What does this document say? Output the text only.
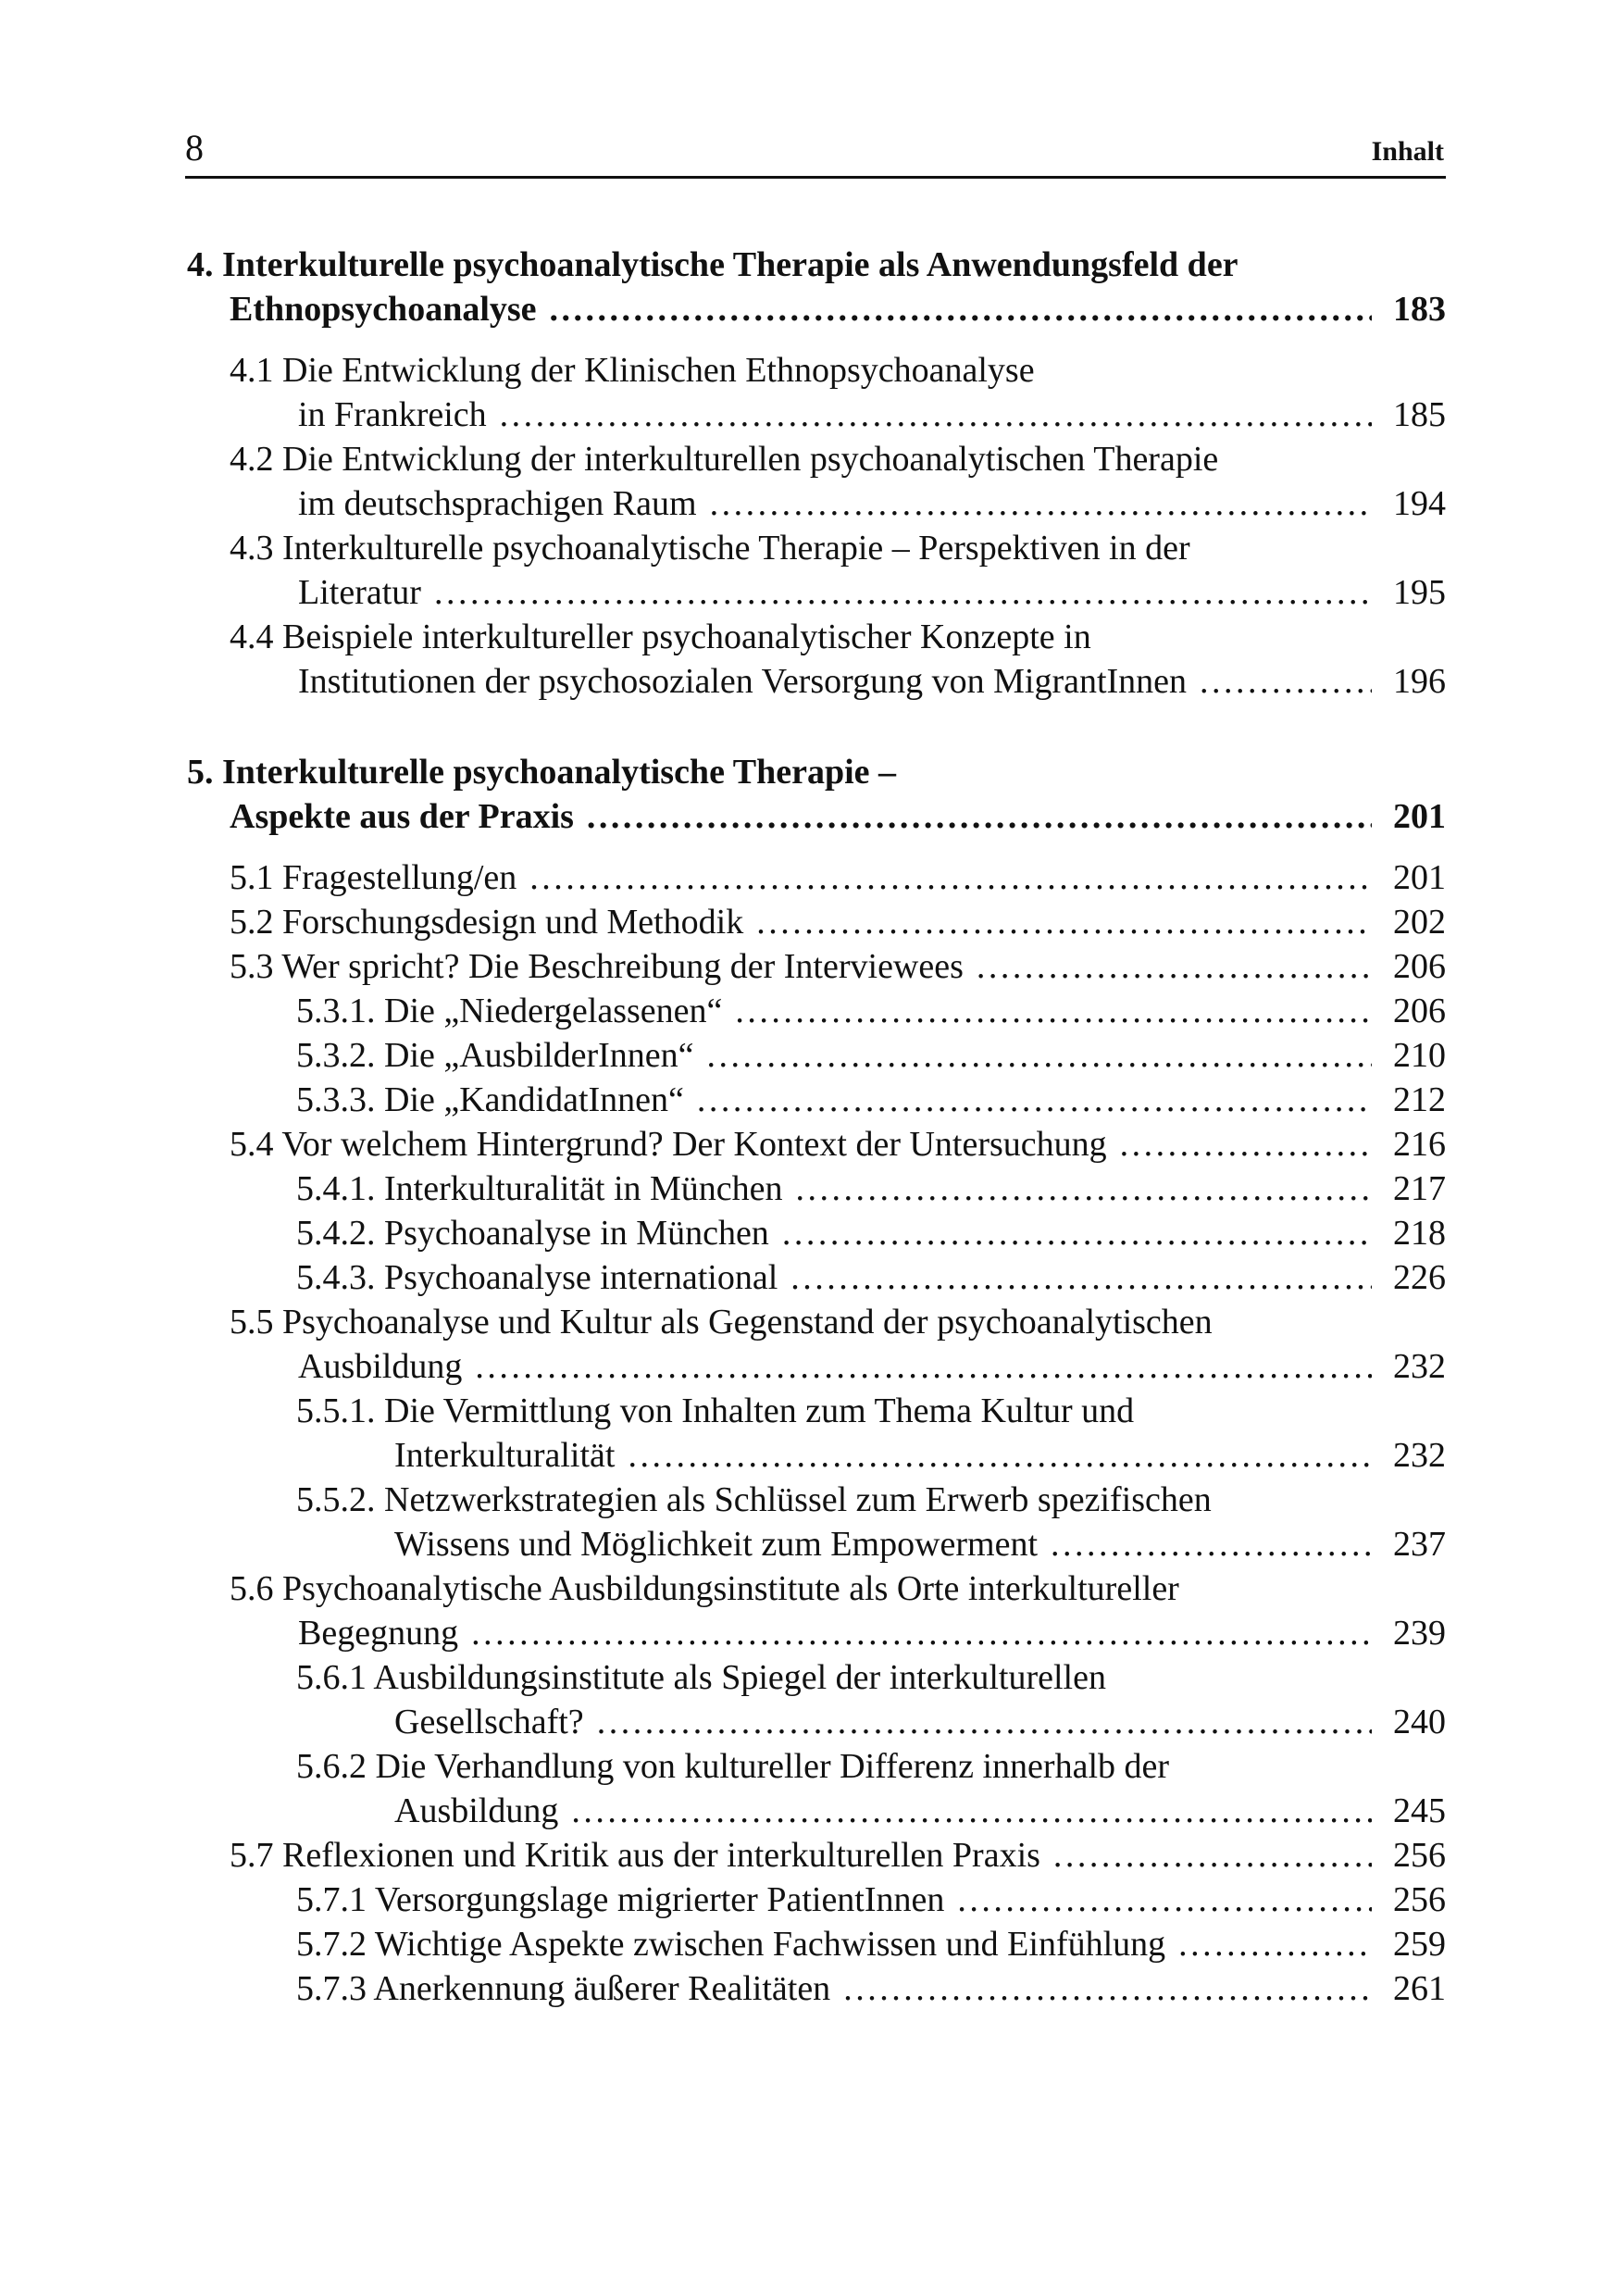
8	Inhalt
4. Interkulturelle psychoanalytische Therapie als Anwendungsfeld der
Ethnopsychoanalyse . . .	183
4.1 Die Entwicklung der Klinischen Ethnopsychoanalyse
in Frankreich . . .	185
4.2 Die Entwicklung der interkulturellen psychoanalytischen Therapie
im deutschsprachigen Raum . . .	194
4.3 Interkulturelle psychoanalytische Therapie – Perspektiven in der
Literatur . . .	195
4.4 Beispiele interkultureller psychoanalytischer Konzepte in
Institutionen der psychosozialen Versorgung von MigrantInnen . . .	196
5. Interkulturelle psychoanalytische Therapie –
Aspekte aus der Praxis . . .	201
5.1 Fragestellung/en . . .	201
5.2 Forschungsdesign und Methodik . . .	202
5.3 Wer spricht? Die Beschreibung der Interviewees . . .	206
5.3.1. Die „Niedergelassenen“ . . .	206
5.3.2. Die „AusbilderInnen“ . . .	210
5.3.3. Die „KandidatInnen“ . . .	212
5.4 Vor welchem Hintergrund? Der Kontext der Untersuchung . . .	216
5.4.1. Interkulturalität in München . . .	217
5.4.2. Psychoanalyse in München . . .	218
5.4.3. Psychoanalyse international . . .	226
5.5 Psychoanalyse und Kultur als Gegenstand der psychoanalytischen
Ausbildung . . .	232
5.5.1. Die Vermittlung von Inhalten zum Thema Kultur und
Interkulturalität . . .	232
5.5.2. Netzwerkstrategien als Schlüssel zum Erwerb spezifischen
Wissens und Möglichkeit zum Empowerment . . .	237
5.6 Psychoanalytische Ausbildungsinstitute als Orte interkultureller
Begegnung . . .	239
5.6.1 Ausbildungsinstitute als Spiegel der interkulturellen
Gesellschaft? . . .	240
5.6.2 Die Verhandlung von kultureller Differenz innerhalb der
Ausbildung . . .	245
5.7 Reflexionen und Kritik aus der interkulturellen Praxis . . .	256
5.7.1 Versorgungslage migrierter PatientInnen . . .	256
5.7.2 Wichtige Aspekte zwischen Fachwissen und Einfühlung . . .	259
5.7.3 Anerkennung äußerer Realitäten . . .	261
